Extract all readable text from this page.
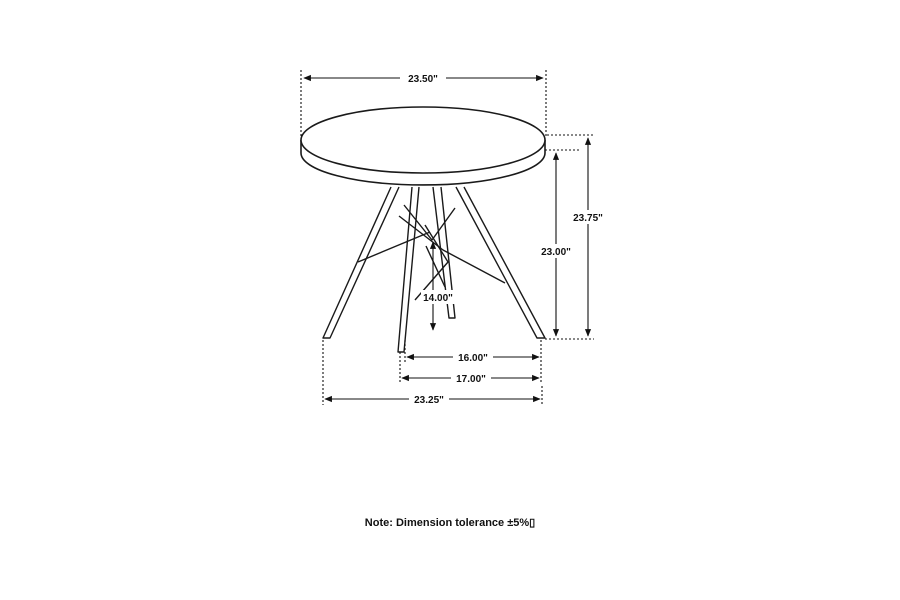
23.50"
23.75"
23.00"
14.00"
16.00"
17.00"
23.25"
Note: Dimension tolerance ±5%▯
